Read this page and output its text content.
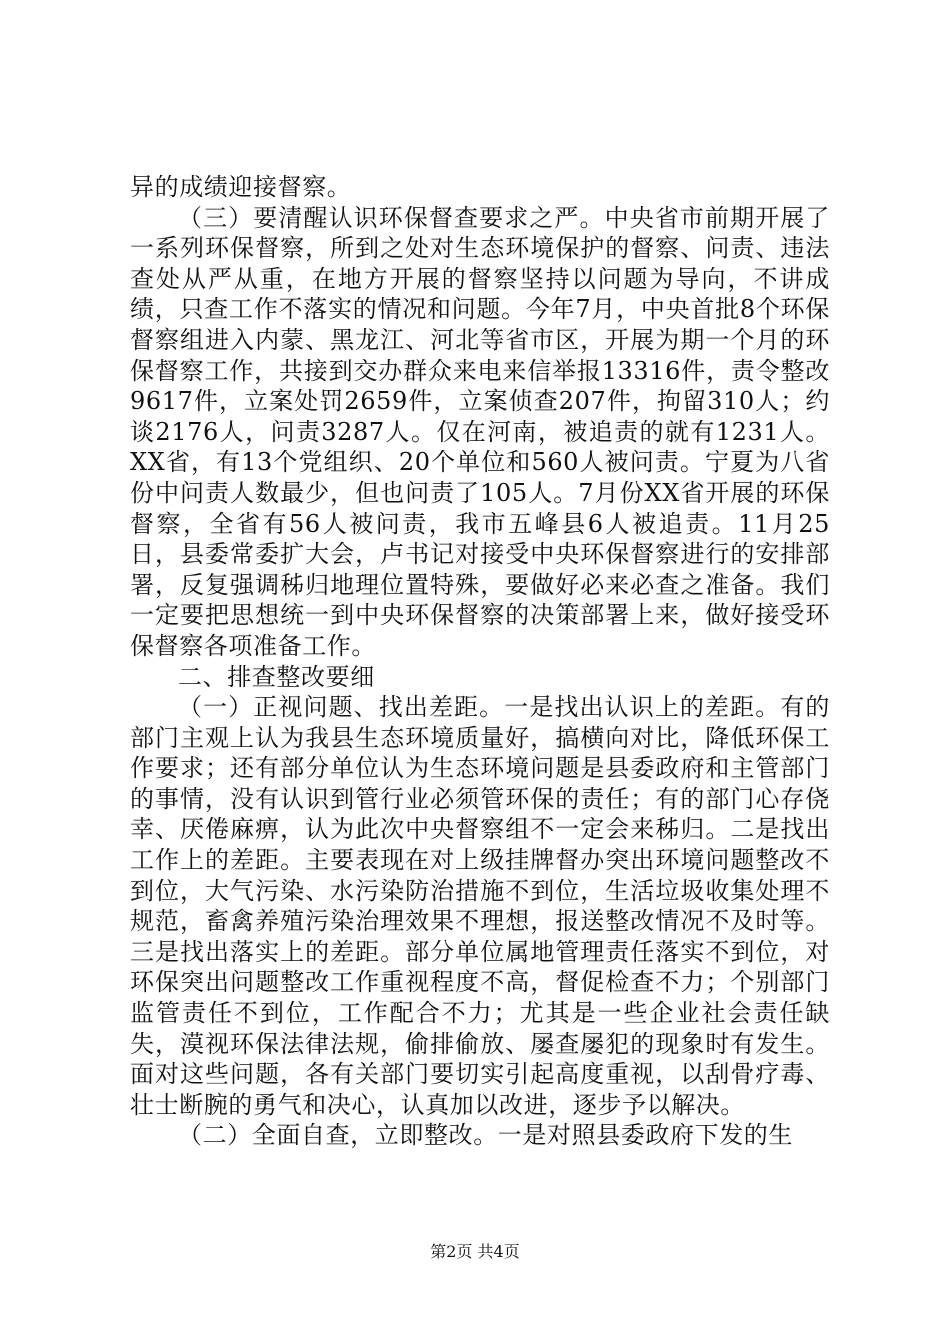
异的成绩迎接督察。

（三）要清醒认识环保督查要求之严。中央省市前期开展了一系列环保督察，所到之处对生态环境保护的督察、问责、违法查处从严从重，在地方开展的督察坚持以问题为导向，不讲成绩，只查工作不落实的情况和问题。今年7月，中央首批8个环保督察组进入内蒙、黑龙江、河北等省市区，开展为期一个月的环保督察工作，共接到交办群众来电来信举报13316件，责令整改9617件，立案处罚2659件，立案侦查207件，拘留310人；约谈2176人，问责3287人。仅在河南，被追责的就有1231人。XX省，有13个党组织、20个单位和560人被问责。宁夏为八省份中问责人数最少，但也问责了105人。7月份XX省开展的环保督察，全省有56人被问责，我市五峰县6人被追责。11月25日，县委常委扩大会，卢书记对接受中央环保督察进行的安排部署，反复强调秭归地理位置特殊，要做好必来必查之准备。我们一定要把思想统一到中央环保督察的决策部署上来，做好接受环保督察各项准备工作。

二、排查整改要细

（一）正视问题、找出差距。一是找出认识上的差距。有的部门主观上认为我县生态环境质量好，搞横向对比，降低环保工作要求；还有部分单位认为生态环境问题是县委政府和主管部门的事情，没有认识到管行业必须管环保的责任；有的部门心存侥幸、厌倦麻痹，认为此次中央督察组不一定会来秭归。二是找出工作上的差距。主要表现在对上级挂牌督办突出环境问题整改不到位，大气污染、水污染防治措施不到位，生活垃圾收集处理不规范，畜禽养殖污染治理效果不理想，报送整改情况不及时等。三是找出落实上的差距。部分单位属地管理责任落实不到位，对环保突出问题整改工作重视程度不高，督促检查不力；个别部门监管责任不到位，工作配合不力；尤其是一些企业社会责任缺失，漠视环保法律法规，偷排偷放、屡查屡犯的现象时有发生。面对这些问题，各有关部门要切实引起高度重视，以刮骨疗毒、壮士断腕的勇气和决心，认真加以改进，逐步予以解决。

（二）全面自查，立即整改。一是对照县委政府下发的生

第2页 共4页
